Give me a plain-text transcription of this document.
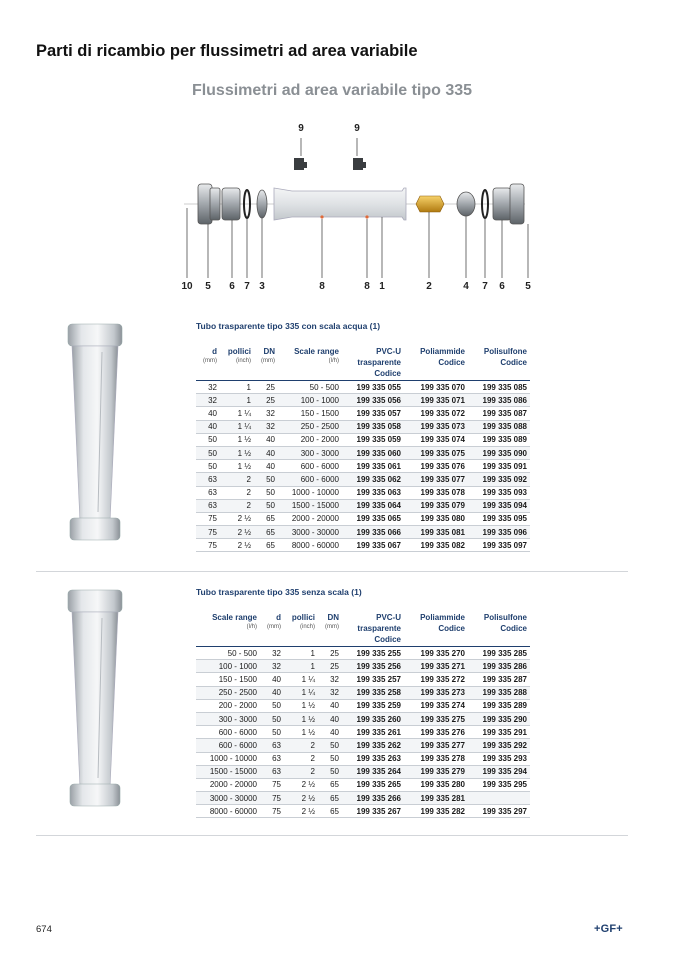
Parti di ricambio per flussimetri ad area variabile
Flussimetri ad area variabile tipo 335
9	9
10	5	6 7 3	8	8 1	2	4	7	6	5
Tubo trasparente tipo 335 con scala acqua (1)
d
(mm)	pollici
(inch)	DN
(mm)	Scale range
(l/h)	PVC-U trasparente Codice	Poliammide Codice	Polisulfone Codice
32	1	25	50 - 500	199 335 055	199 335 070	199 335 085
32	1	25	100 - 1000	199 335 056	199 335 071	199 335 086
40	1 ¼	32	150 - 1500	199 335 057	199 335 072	199 335 087
40	1 ¼	32	250 - 2500	199 335 058	199 335 073	199 335 088
50	1 ½	40	200 - 2000	199 335 059	199 335 074	199 335 089
50	1 ½	40	300 - 3000	199 335 060	199 335 075	199 335 090
50	1 ½	40	600 - 6000	199 335 061	199 335 076	199 335 091
63	2	50	600 - 6000	199 335 062	199 335 077	199 335 092
63	2	50	1000 - 10000	199 335 063	199 335 078	199 335 093
63	2	50	1500 - 15000	199 335 064	199 335 079	199 335 094
75	2 ½	65	2000 - 20000	199 335 065	199 335 080	199 335 095
75	2 ½	65	3000 - 30000	199 335 066	199 335 081	199 335 096
75	2 ½	65	8000 - 60000	199 335 067	199 335 082	199 335 097
Tubo trasparente tipo 335 senza scala (1)
Scale range
(l/h)	d
(mm)	pollici
(inch)	DN
(mm)	PVC-U trasparente Codice	Poliammide Codice	Polisulfone Codice
50 - 500	32	1	25	199 335 255	199 335 270	199 335 285
100 - 1000	32	1	25	199 335 256	199 335 271	199 335 286
150 - 1500	40	1 ¼	32	199 335 257	199 335 272	199 335 287
250 - 2500	40	1 ¼	32	199 335 258	199 335 273	199 335 288
200 - 2000	50	1 ½	40	199 335 259	199 335 274	199 335 289
300 - 3000	50	1 ½	40	199 335 260	199 335 275	199 335 290
600 - 6000	50	1 ½	40	199 335 261	199 335 276	199 335 291
600 - 6000	63	2	50	199 335 262	199 335 277	199 335 292
1000 - 10000	63	2	50	199 335 263	199 335 278	199 335 293
1500 - 15000	63	2	50	199 335 264	199 335 279	199 335 294
2000 - 20000	75	2 ½	65	199 335 265	199 335 280	199 335 295
3000 - 30000	75	2 ½	65	199 335 266	199 335 281	
8000 - 60000	75	2 ½	65	199 335 267	199 335 282	199 335 297
674	+GF+
